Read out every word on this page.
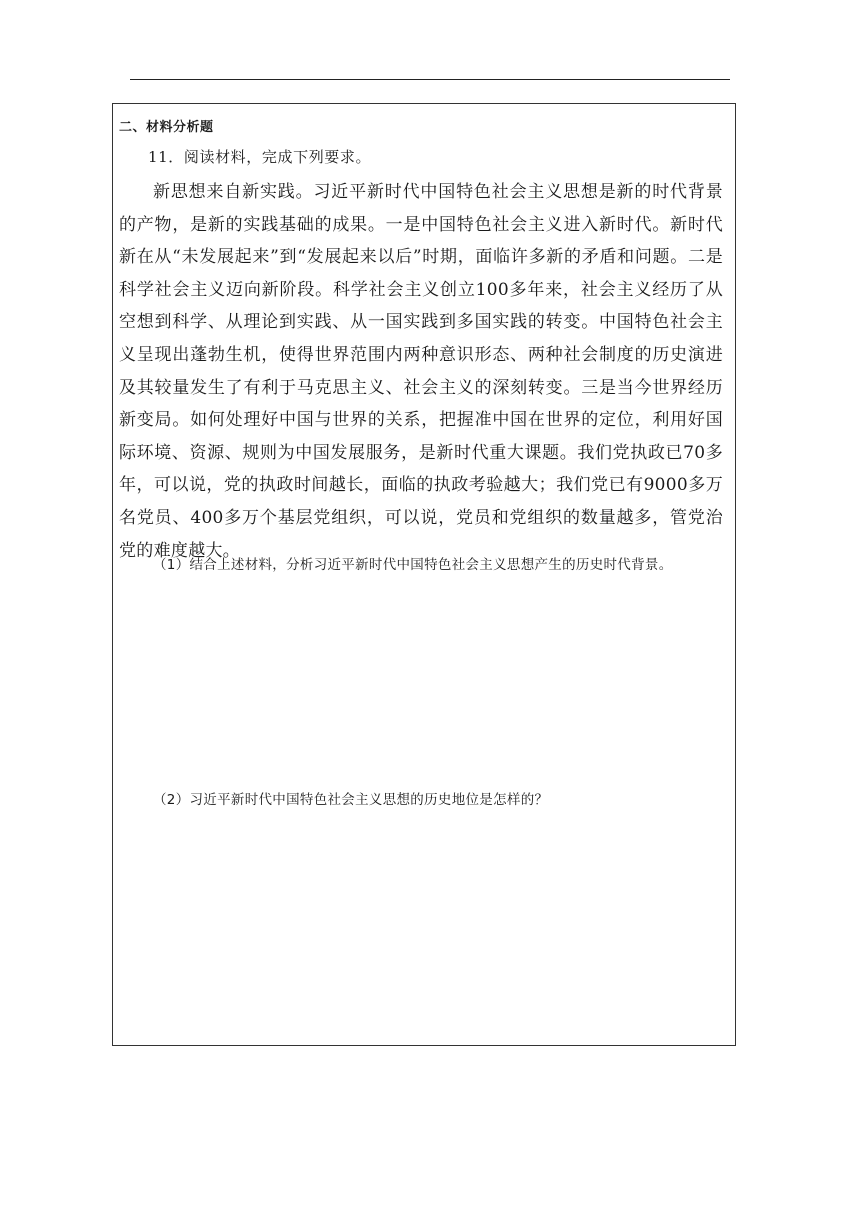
二、材料分析题
11．阅读材料，完成下列要求。

新思想来自新实践。习近平新时代中国特色社会主义思想是新的时代背景的产物，是新的实践基础的成果。一是中国特色社会主义进入新时代。新时代新在从“未发展起来”到“发展起来以后”时期，面临许多新的矛盾和问题。二是科学社会主义迈向新阶段。科学社会主义创立100多年来，社会主义经历了从空想到科学、从理论到实践、从一国实践到多国实践的转变。中国特色社会主义呈现出蓬勃生机，使得世界范围内两种意识形态、两种社会制度的历史演进及其较量发生了有利于马克思主义、社会主义的深刻转变。三是当今世界经历新变局。如何处理好中国与世界的关系，把握准中国在世界的定位，利用好国际环境、资源、规则为中国发展服务，是新时代重大课题。我们党执政已70多年，可以说，党的执政时间越长，面临的执政考验越大；我们党已有9000多万名党员、400多万个基层党组织，可以说，党员和党组织的数量越多，管党治党的难度越大。

（1）结合上述材料，分析习近平新时代中国特色社会主义思想产生的历史时代背景。
（2）习近平新时代中国特色社会主义思想的历史地位是怎样的？
